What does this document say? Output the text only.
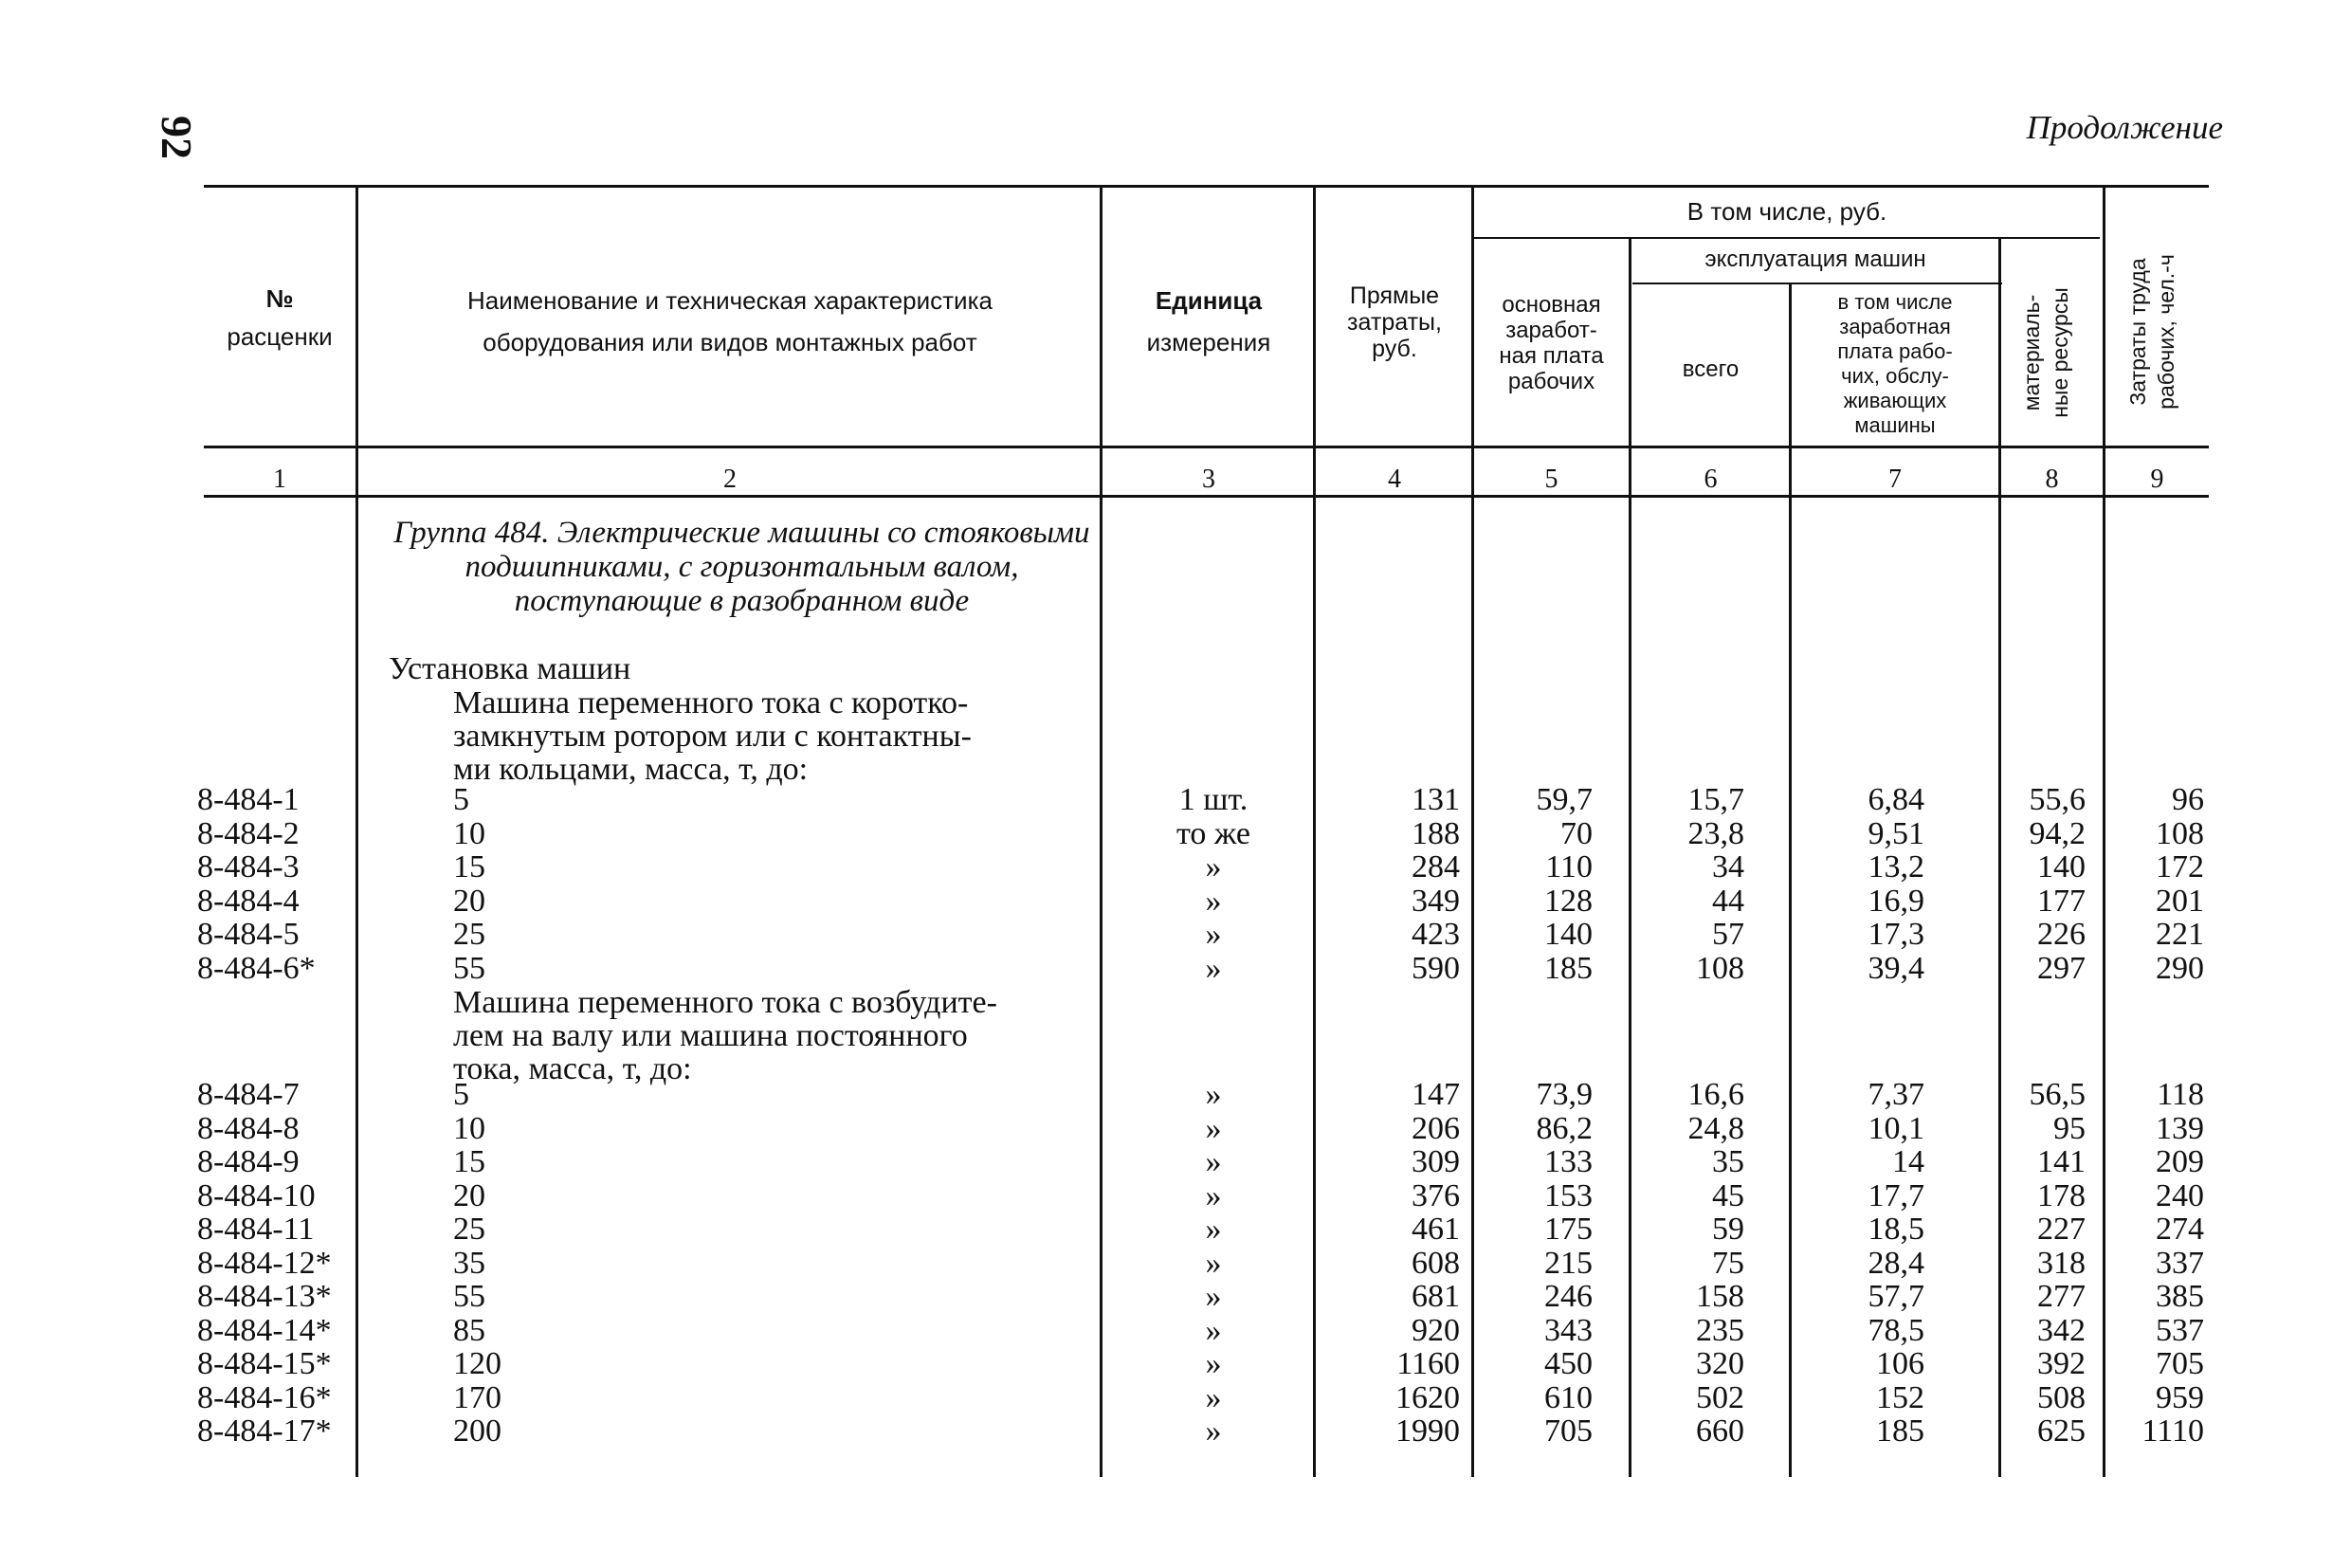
92	Продолжение
№
расценки
Наименование и техническая характеристика
оборудования или видов монтажных работ
Единица
измерения
Прямые
затраты,
руб.
В том числе, руб.
основная
заработ-
ная плата
рабочих
эксплуатация машин
всего
в том числе
заработная
плата рабо-
чих, обслу-
живающих
машины
материаль- ные ресурсы Затраты труда рабочих, чел.-ч
1	2	3	4	5	6	7	8	9
Группа 484. Электрические машины со стояковыми подшипниками, с горизонтальным валом, поступающие в разобранном виде
Установка машин
Машина переменного тока с коротко-
замкнутым ротором или с контактны-
ми кольцами, масса, т, до:
Машина переменного тока с возбудите-
лем на валу или машина постоянного
тока, масса, т, до:
8-484-1	5	1 шт.	131	59,7	15,7	6,84	55,6	96
8-484-2	10	то же	188	70	23,8	9,51	94,2	108
8-484-3	15	»	284	110	34	13,2	140	172
8-484-4	20	»	349	128	44	16,9	177	201
8-484-5	25	»	423	140	57	17,3	226	221
8-484-6*	55	»	590	185	108	39,4	297	290
8-484-7	5	»	147	73,9	16,6	7,37	56,5	118
8-484-8	10	»	206	86,2	24,8	10,1	95	139
8-484-9	15	»	309	133	35	14	141	209
8-484-10	20	»	376	153	45	17,7	178	240
8-484-11	25	»	461	175	59	18,5	227	274
8-484-12*	35	»	608	215	75	28,4	318	337
8-484-13*	55	»	681	246	158	57,7	277	385
8-484-14*	85	»	920	343	235	78,5	342	537
8-484-15*	120	»	1160	450	320	106	392	705
8-484-16*	170	»	1620	610	502	152	508	959
8-484-17*	200	»	1990	705	660	185	625	1110
